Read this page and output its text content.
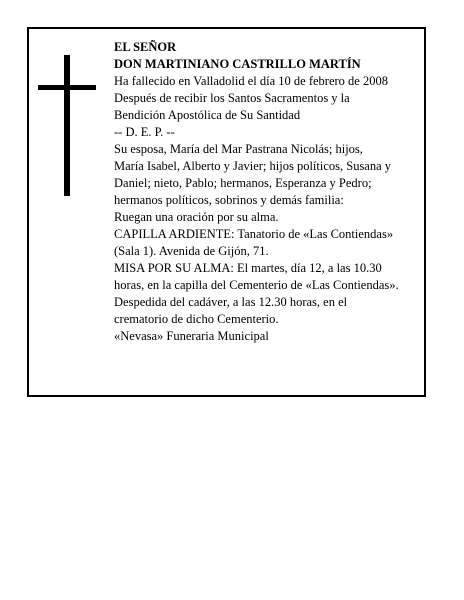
EL SEÑOR

DON MARTINIANO CASTRILLO MARTÍN

Ha fallecido en Valladolid el día 10 de febrero de 2008

Después de recibir los Santos Sacramentos y la

Bendición Apostólica de Su Santidad

-- D. E. P. --

Su esposa, María del Mar Pastrana Nicolás; hijos,

María Isabel, Alberto y Javier; hijos políticos, Susana y

Daniel; nieto, Pablo; hermanos, Esperanza y Pedro;

hermanos políticos, sobrinos y demás familia:

Ruegan una oración por su alma.

CAPILLA ARDIENTE: Tanatorio de «Las Contiendas»

(Sala 1). Avenida de Gijón, 71.

MISA POR SU ALMA: El martes, día 12, a las 10.30

horas, en la capilla del Cementerio de «Las Contiendas».

Despedida del cadáver, a las 12.30 horas, en el

crematorio de dicho Cementerio.

«Nevasa» Funeraria Municipal
